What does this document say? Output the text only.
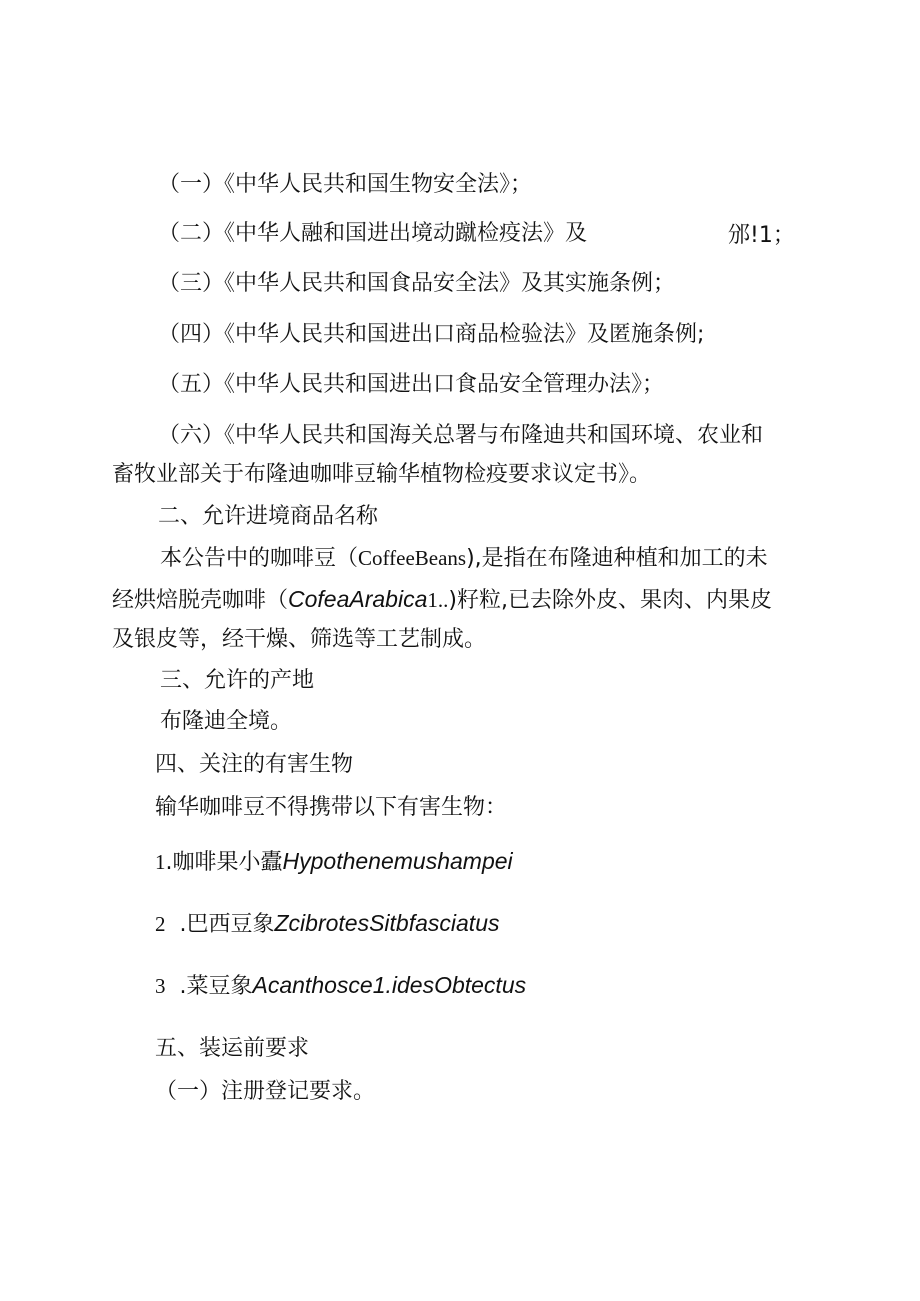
（一）《中华人民共和国生物安全法》；
（二）《中华人融和国进出境动蹴检疫法》及	邠!1；
（三）《中华人民共和国食品安全法》及其实施条例；
（四）《中华人民共和国进出口商品检验法》及匿施条例;
（五）《中华人民共和国进出口食品安全管理办法》；
（六）《中华人民共和国海关总署与布隆迪共和国环境、农业和
畜牧业部关于布隆迪咖啡豆输华植物检疫要求议定书》。
二、允许进境商品名称
本公告中的咖啡豆（CoffeeBeans),是指在布隆迪种植和加工的未
经烘焙脱壳咖啡（CofeaArabica1..)籽粒,已去除外皮、果肉、内果皮
及银皮等，经干燥、筛选等工艺制成。
三、允许的产地
布隆迪全境。
四、关注的有害生物
输华咖啡豆不得携带以下有害生物：
1.咖啡果小蠹Hypothenemushampei
2 .巴西豆象ZcibrotesSitbfasciatus
3 .菜豆象Acanthosce1.idesObtectus
五、装运前要求
（一）注册登记要求。
